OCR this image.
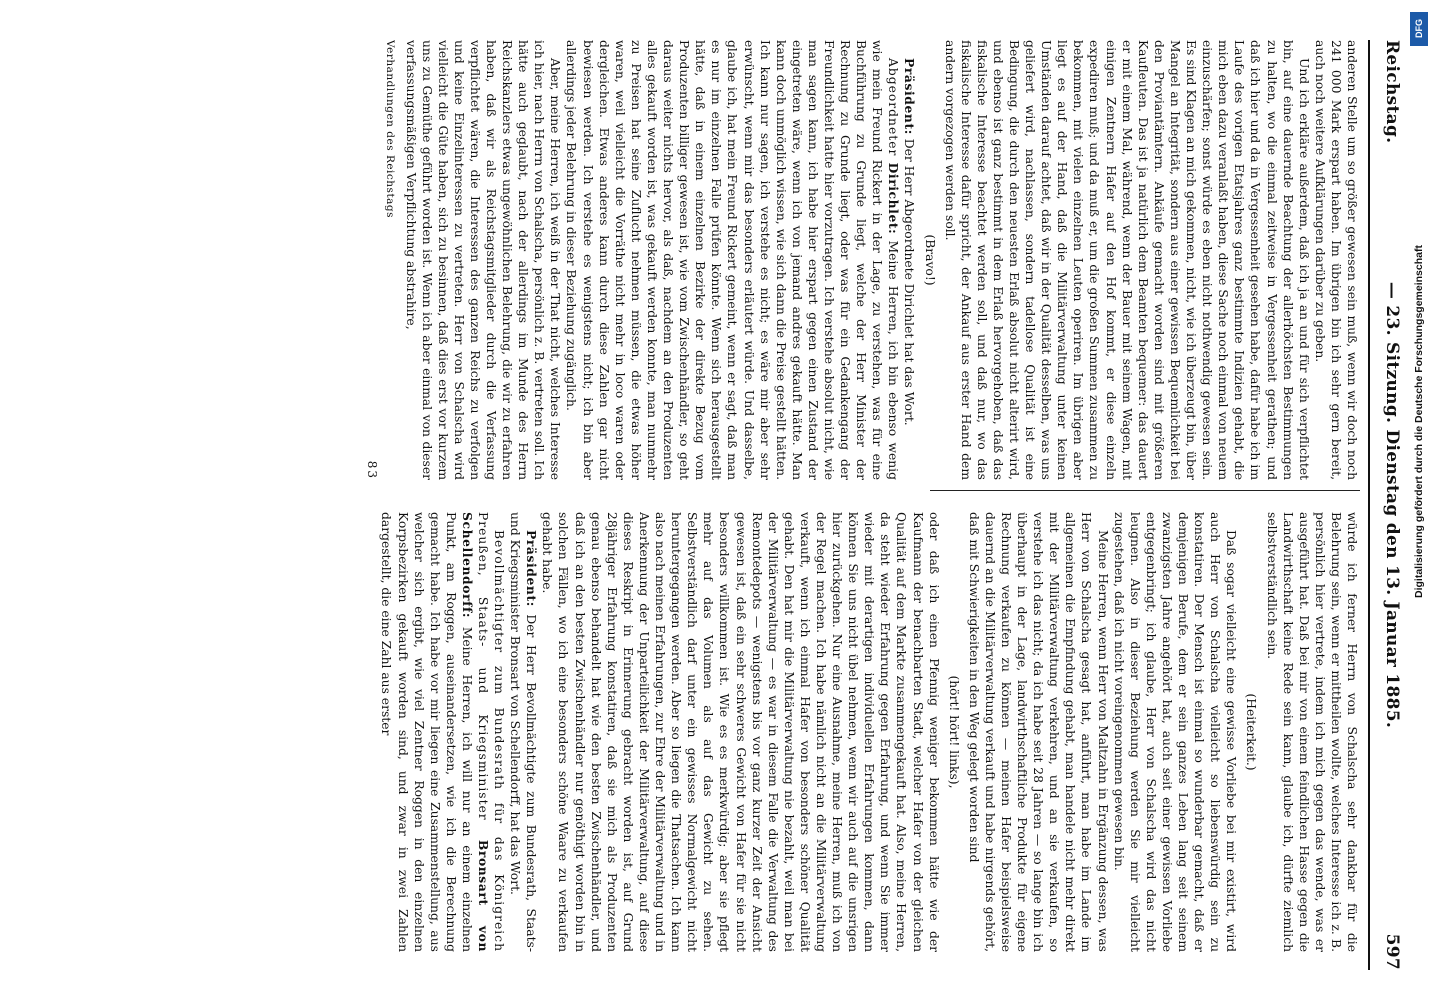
Reichstag.
— 23. Sitzung. Dienstag den 13. Januar 1885.
597

anderen Stelle um so größer gewesen sein muß, wenn wir doch noch 241 000 Mark erspart haben. Im übrigen bin ich sehr gern bereit, auch noch weitere Aufklärungen darüber zu geben.

Und ich erkläre außerdem, daß ich ja an und für sich verpflichtet bin, auf eine dauernde Beachtung der allerhöchsten Bestimmungen zu halten, wo die einmal zeitweise in Vergessenheit gerathen; und daß ich hier und da in Vergessenheit gesehen habe, dafür habe ich im Laufe des vorigen Etatsjahres ganz bestimmte Indizien gehabt, die mich eben dazu veranlaßt haben, diese Sache noch einmal von neuem einzuschärfen; sonst würde es eben nicht nothwendig gewesen sein. Es sind Klagen an mich gekommen, nicht, wie ich überzeugt bin, über Mangel an Integrität, sondern aus einer gewissen Bequemlichkeit bei den Proviantämtern. Ankäufe gemacht worden sind mit größeren Kaufleuten. Das ist ja natürlich dem Beamten bequemer: das dauert er mit einem Mal, während, wenn der Bauer mit seinem Wagen, mit einigen Zentnern Hafer auf den Hof kommt, er diese einzeln expediren muß; und da muß er, um die großen Summen zusammen zu bekommen, mit vielen einzelnen Leuten operiren. Im übrigen aber liegt es auf der Hand, daß die Militärverwaltung unter keinen Umständen darauf achtet, daß wir in der Qualität desselben, was uns geliefert wird, nachlassen, sondern tadellose Qualität ist eine Bedingung, die durch den neuesten Erlaß absolut nicht alterirt wird, und ebenso ist ganz bestimmt in dem Erlaß hervorgehoben, daß das fiskalische Interesse beachtet werden soll, und daß nur, wo das fiskalische Interesse dafür spricht, der Ankauf aus erster Hand dem andern vorgezogen werden soll.

(Bravo!)

Präsident: Der Herr Abgeordnete Dirichlet hat das Wort.

Abgeordneter Dirichlet: Meine Herren, ich bin ebenso wenig wie mein Freund Rickert in der Lage, zu verstehen, was für eine Buchführung zu Grunde liegt, welche der Herr Minister der Rechnung zu Grunde liegt, oder was für ein Gedankengang der Freundlichkeit hatte hier vorzutragen. Ich verstehe absolut nicht, wie man sagen kann, ich habe hier erspart gegen einen Zustand der eingetreten wäre, wenn ich von jemand andres gekauft hätte. Man kann doch unmöglich wissen, wie sich dann die Preise gestellt hätten. Ich kann nur sagen, ich verstehe es nicht; es wäre mir aber sehr erwünscht, wenn mir das besonders erläutert würde. Und dasselbe, glaube ich, hat mein Freund Rickert gemeint, wenn er sagt, daß man es nur im einzelnen Falle prüfen könnte. Wenn sich herausgestellt hätte, daß in einem einzelnen Bezirke der direkte Bezug vom Produzenten billiger gewesen ist, wie vom Zwischenhändler, so geht daraus weiter nichts hervor, als daß, nachdem an den Produzenten alles gekauft worden ist, was gekauft werden konnte, man nunmehr zu Preisen hat seine Zuflucht nehmen müssen, die etwas höher waren, weil vielleicht die Vorräthe nicht mehr in loco waren oder dergleichen. Etwas anderes kann durch diese Zahlen gar nicht bewiesen werden. Ich verstehe es wenigstens nicht; ich bin aber allerdings jeder Belehrung in dieser Beziehung zugänglich.

Aber, meine Herren, ich weiß in der That nicht, welches Interesse ich hier, nach Herrn von Schalscha, persönlich z. B. vertreten soll. Ich hätte auch geglaubt, nach der allerdings im Munde des Herrn Reichskanzlers etwas ungewöhnlichen Belehrung, die wir zu erfahren haben, daß wir als Reichstagsmitglieder durch die Verfassung verpflichtet wären, die Interessen des ganzen Reichs zu verfolgen und keine Einzelinteressen zu vertreten. Herr von Schalscha wird vielleicht die Güte haben, sich zu besinnen, daß dies erst vor kurzem uns zu Gemüthe geführt worden ist. Wenn ich aber einmal von dieser verfassungsmäßigen Verpflichtung abstrahire,

Verhandlungen des Reichstags

83

würde ich ferner Herrn von Schalscha sehr dankbar für die Belehrung sein, wenn er mittheilen wollte, welches Interesse ich z. B. persönlich hier vertrete, indem ich mich gegen das wende, was er ausgeführt hat. Daß bei mir von einem feindlichen Hasse gegen die Landwirthschaft keine Rede sein kann, glaube ich, dürfte ziemlich selbstverständlich sein.

(Heiterkeit.)

Daß sogar vielleicht eine gewisse Vorliebe bei mir existirt, wird auch Herr von Schalscha vielleicht so liebenswürdig sein zu konstatiren. Der Mensch ist einmal so wunderbar gemacht, daß er demjenigen Berufe, dem er sein ganzes Leben lang seit seinem zwanzigsten Jahre angehört hat, auch seit einer gewissen Vorliebe entgegenbringt; ich glaube, Herr von Schalscha wird das nicht leugnen. Also in dieser Beziehung werden Sie mir vielleicht zugestehen, daß ich nicht voreingenommen gewesen bin.

Meine Herren, wenn Herr von Maltzahn in Ergänzung dessen, was Herr von Schalscha gesagt hat, anführt, man habe im Lande im allgemeinen die Empfindung gehabt, man handele nicht mehr direkt mit der Militärverwaltung verkehren, und an sie verkaufen, so verstehe ich das nicht; da ich habe seit 28 Jahren — so lange bin ich überhaupt in der Lage, landwirthschaftliche Produkte für eigene Rechnung verkaufen zu können — meinen Hafer beispielsweise dauernd an die Militärverwaltung verkauft und habe nirgends gehört, daß mit Schwierigkeiten in den Weg gelegt worden sind

(hört! hört! links),

oder daß ich einen Pfennig weniger bekommen hätte wie der Kaufmann der benachbarten Stadt, welcher Hafer von der gleichen Qualität auf dem Markte zusammengekauft hat. Also, meine Herren, da steht wieder Erfahrung gegen Erfahrung, und wenn Sie immer wieder mit derartigen individuellen Erfahrungen kommen, dann können Sie uns nicht übel nehmen, wenn wir auch auf die unsrigen hier zurückgehen. Nur eine Ausnahme, meine Herren, muß ich von der Regel machen. Ich habe nämlich nicht an die Militärverwaltung verkauft, wenn ich einmal Hafer von besonders schöner Qualität gehabt. Den hat mir die Militärverwaltung nie bezahlt, weil man bei der Militärverwaltung — es war in diesem Falle die Verwaltung des Remontedepots — wenigstens bis vor ganz kurzer Zeit der Ansicht gewesen ist, daß ein sehr schweres Gewicht von Hafer für sie nicht besonders willkommen ist. Wie es es merkwürdig; aber sie pflegt mehr auf das Volumen als auf das Gewicht zu sehen. Selbstverständlich darf unter ein gewisses Normalgewicht nicht heruntergegangen werden. Aber so liegen die Thatsachen. Ich kann also nach meinen Erfahrungen, zur Ehre der Militärverwaltung und in Anerkennung der Unparteilichkeit der Militärverwaltung, auf diese dieses Reskript in Erinnerung gebracht worden ist, auf Grund 28jähriger Erfahrung konstatiren, daß sie mich als Produzenten genau ebenso behandelt hat wie den besten Zwischenhändler, und daß ich an den besten Zwischenhändler nur genöthigt worden bin in solchen Fällen, wo ich eine besonders schöne Waare zu verkaufen gehabt habe.

Präsident: Der Herr Bevollmächtigte zum Bundesrath, Staats- und Kriegsminister Bronsart von Schellendorff, hat das Wort.

Bevollmächtigter zum Bundesrath für das Königreich Preußen, Staats- und Kriegsminister Bronsart von Schellendorff: Meine Herren, ich will nur an einem einzelnen Punkt, am Roggen, auseinandersetzen, wie ich die Berechnung gemacht habe. Ich habe vor mir liegen eine Zusammenstellung, aus welcher sich ergibt, wie viel Zentner Roggen in den einzelnen Korpsbezirken gekauft worden sind, und zwar in zwei Zahlen dargestellt, die eine Zahl aus erster

DFG
Digitalisierung gefördert durch die Deutsche Forschungsgemeinschaft
